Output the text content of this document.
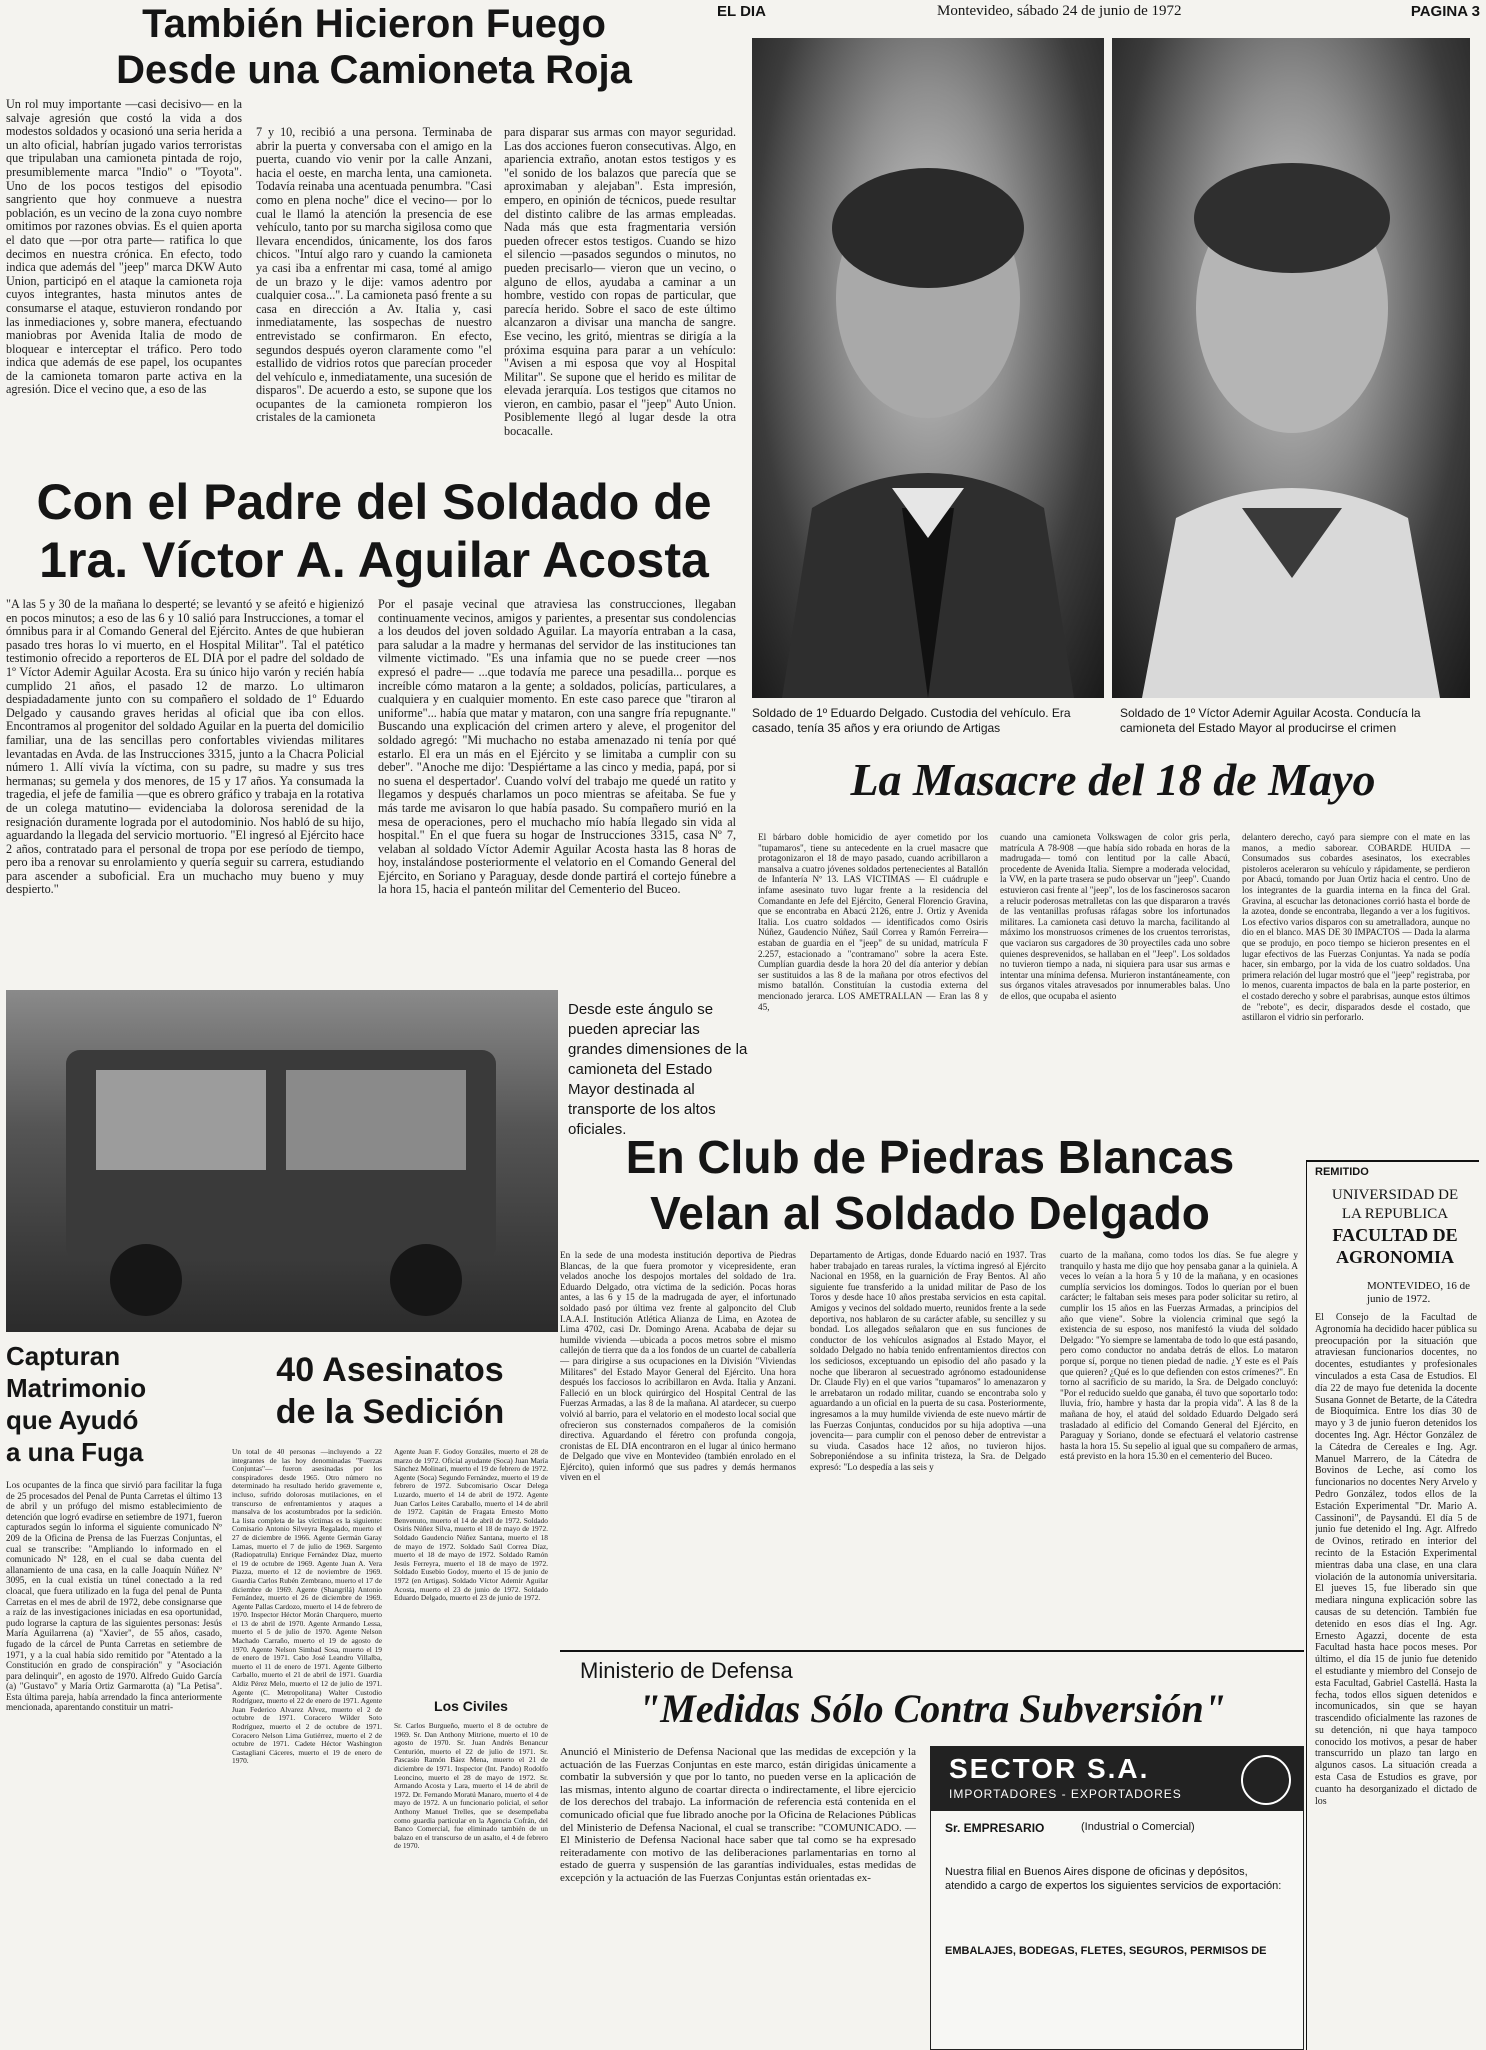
EL DIA	Montevideo, sábado 24 de junio de 1972	PAGINA 3
También Hicieron Fuego
Desde una Camioneta Roja
Un rol muy importante —casi decisivo— en la salvaje agresión que costó la vida a dos modestos soldados y ocasionó una seria herida a un alto oficial, habrían jugado varios terroristas que tripulaban una camioneta pintada de rojo, presumiblemente marca "Indio" o "Toyota". Uno de los pocos testigos del episodio sangriento que hoy conmueve a nuestra población, es un vecino de la zona cuyo nombre omitimos por razones obvias. Es el quien aporta el dato que —por otra parte— ratifica lo que decimos en nuestra crónica. En efecto, todo indica que además del "jeep" marca DKW Auto Union, participó en el ataque la camioneta roja cuyos integrantes, hasta minutos antes de consumarse el ataque, estuvieron rondando por las inmediaciones y, sobre manera, efectuando maniobras por Avenida Italia de modo de bloquear e interceptar el tráfico. Pero todo indica que además de ese papel, los ocupantes de la camioneta tomaron parte activa en la agresión. Dice el vecino que, a eso de las
7 y 10, recibió a una persona. Terminaba de abrir la puerta y conversaba con el amigo en la puerta, cuando vio venir por la calle Anzani, hacia el oeste, en marcha lenta, una camioneta. Todavía reinaba una acentuada penumbra. "Casi como en plena noche" dice el vecino— por lo cual le llamó la atención la presencia de ese vehículo, tanto por su marcha sigilosa como que llevara encendidos, únicamente, los dos faros chicos. "Intuí algo raro y cuando la camioneta ya casi iba a enfrentar mi casa, tomé al amigo de un brazo y le dije: vamos adentro por cualquier cosa...". La camioneta pasó frente a su casa en dirección a Av. Italia y, casi inmediatamente, las sospechas de nuestro entrevistado se confirmaron. En efecto, segundos después oyeron claramente como "el estallido de vidrios rotos que parecían proceder del vehículo e, inmediatamente, una sucesión de disparos". De acuerdo a esto, se supone que los ocupantes de la camioneta rompieron los cristales de la camioneta
para disparar sus armas con mayor seguridad. Las dos acciones fueron consecutivas. Algo, en apariencia extraño, anotan estos testigos y es "el sonido de los balazos que parecía que se aproximaban y alejaban". Esta impresión, empero, en opinión de técnicos, puede resultar del distinto calibre de las armas empleadas. Nada más que esta fragmentaria versión pueden ofrecer estos testigos. Cuando se hizo el silencio —pasados segundos o minutos, no pueden precisarlo— vieron que un vecino, o alguno de ellos, ayudaba a caminar a un hombre, vestido con ropas de particular, que parecía herido. Sobre el saco de este último alcanzaron a divisar una mancha de sangre. Ese vecino, les gritó, mientras se dirigía a la próxima esquina para parar a un vehículo: "Avisen a mi esposa que voy al Hospital Militar". Se supone que el herido es militar de elevada jerarquía. Los testigos que citamos no vieron, en cambio, pasar el "jeep" Auto Union. Posiblemente llegó al lugar desde la otra bocacalle.
Con el Padre del Soldado de
1ra. Víctor A. Aguilar Acosta
"A las 5 y 30 de la mañana lo desperté; se levantó y se afeitó e higienizó en pocos minutos; a eso de las 6 y 10 salió para Instrucciones, a tomar el ómnibus para ir al Comando General del Ejército. Antes de que hubieran pasado tres horas lo vi muerto, en el Hospital Militar". Tal el patético testimonio ofrecido a reporteros de EL DIA por el padre del soldado de 1º Víctor Ademir Aguilar Acosta. Era su único hijo varón y recién había cumplido 21 años, el pasado 12 de marzo. Lo ultimaron despiadadamente junto con su compañero el soldado de 1º Eduardo Delgado y causando graves heridas al oficial que iba con ellos. Encontramos al progenitor del soldado Aguilar en la puerta del domicilio familiar, una de las sencillas pero confortables viviendas militares levantadas en Avda. de las Instrucciones 3315, junto a la Chacra Policial número 1. Allí vivía la víctima, con su padre, su madre y sus tres hermanas; su gemela y dos menores, de 15 y 17 años. Ya consumada la tragedia, el jefe de familia —que es obrero gráfico y trabaja en la rotativa de un colega matutino— evidenciaba la dolorosa serenidad de la resignación duramente lograda por el autodominio. Nos habló de su hijo, aguardando la llegada del servicio mortuorio. "El ingresó al Ejército hace 2 años, contratado para el personal de tropa por ese período de tiempo, pero iba a renovar su enrolamiento y quería seguir su carrera, estudiando para ascender a suboficial. Era un muchacho muy bueno y muy despierto."
Por el pasaje vecinal que atraviesa las construcciones, llegaban continuamente vecinos, amigos y parientes, a presentar sus condolencias a los deudos del joven soldado Aguilar. La mayoría entraban a la casa, para saludar a la madre y hermanas del servidor de las instituciones tan vilmente victimado. "Es una infamia que no se puede creer —nos expresó el padre— ...que todavía me parece una pesadilla... porque es increíble cómo mataron a la gente; a soldados, policías, particulares, a cualquiera y en cualquier momento. En este caso parece que "tiraron al uniforme"... había que matar y mataron, con una sangre fría repugnante." Buscando una explicación del crimen artero y aleve, el progenitor del soldado agregó: "Mi muchacho no estaba amenazado ni tenía por qué estarlo. El era un más en el Ejército y se limitaba a cumplir con su deber". "Anoche me dijo: 'Despiértame a las cinco y media, papá, por si no suena el despertador'. Cuando volví del trabajo me quedé un ratito y llegamos y después charlamos un poco mientras se afeitaba. Se fue y más tarde me avisaron lo que había pasado. Su compañero murió en la mesa de operaciones, pero el muchacho mío había llegado sin vida al hospital." En el que fuera su hogar de Instrucciones 3315, casa Nº 7, velaban al soldado Víctor Ademir Aguilar Acosta hasta las 8 horas de hoy, instalándose posteriormente el velatorio en el Comando General del Ejército, en Soriano y Paraguay, desde donde partirá el cortejo fúnebre a la hora 15, hacia el panteón militar del Cementerio del Buceo.
Soldado de 1º Eduardo Delgado. Custodia del vehículo. Era casado, tenía 35 años y era oriundo de Artigas
Soldado de 1º Víctor Ademir Aguilar Acosta. Conducía la camioneta del Estado Mayor al producirse el crimen
La Masacre del 18 de Mayo
El bárbaro doble homicidio de ayer cometido por los "tupamaros", tiene su antecedente en la cruel masacre que protagonizaron el 18 de mayo pasado, cuando acribillaron a mansalva a cuatro jóvenes soldados pertenecientes al Batallón de Infantería Nº 13. LAS VICTIMAS — El cuádruple e infame asesinato tuvo lugar frente a la residencia del Comandante en Jefe del Ejército, General Florencio Gravina, que se encontraba en Abacú 2126, entre J. Ortiz y Avenida Italia. Los cuatro soldados — identificados como Osiris Núñez, Gaudencio Núñez, Saúl Correa y Ramón Ferreira— estaban de guardia en el "jeep" de su unidad, matrícula F 2.257, estacionado a "contramano" sobre la acera Este. Cumplían guardia desde la hora 20 del día anterior y debían ser sustituidos a las 8 de la mañana por otros efectivos del mismo batallón. Constituían la custodia externa del mencionado jerarca. LOS AMETRALLAN — Eran las 8 y 45,
cuando una camioneta Volkswagen de color gris perla, matrícula A 78-908 —que había sido robada en horas de la madrugada— tomó con lentitud por la calle Abacú, procedente de Avenida Italia. Siempre a moderada velocidad, la VW, en la parte trasera se pudo observar un "jeep". Cuando estuvieron casi frente al "jeep", los de los fascinerosos sacaron a relucir poderosas metralletas con las que dispararon a través de las ventanillas profusas ráfagas sobre los infortunados militares. La camioneta casi detuvo la marcha, facilitando al máximo los monstruosos crímenes de los cruentos terroristas, que vaciaron sus cargadores de 30 proyectiles cada uno sobre quienes desprevenidos, se hallaban en el "Jeep". Los soldados no tuvieron tiempo a nada, ni siquiera para usar sus armas e intentar una mínima defensa. Murieron instantáneamente, con sus órganos vitales atravesados por innumerables balas. Uno de ellos, que ocupaba el asiento
delantero derecho, cayó para siempre con el mate en las manos, a medio saborear. COBARDE HUIDA — Consumados sus cobardes asesinatos, los execrables pistoleros aceleraron su vehículo y rápidamente, se perdieron por Abacú, tomando por Juan Ortiz hacia el centro. Uno de los integrantes de la guardia interna en la finca del Gral. Gravina, al escuchar las detonaciones corrió hasta el borde de la azotea, donde se encontraba, llegando a ver a los fugitivos. Los efectivo varios disparos con su ametralladora, aunque no dio en el blanco. MAS DE 30 IMPACTOS — Dada la alarma que se produjo, en poco tiempo se hicieron presentes en el lugar efectivos de las Fuerzas Conjuntas. Ya nada se podía hacer, sin embargo, por la vida de los cuatro soldados. Una primera relación del lugar mostró que el "jeep" registraba, por lo menos, cuarenta impactos de bala en la parte posterior, en el costado derecho y sobre el parabrisas, aunque estos últimos de "rebote", es decir, disparados desde el costado, que astillaron el vidrio sin perforarlo.
Desde este ángulo se pueden apreciar las grandes dimensiones de la camioneta del Estado Mayor destinada al transporte de los altos oficiales.
En Club de Piedras Blancas
Velan al Soldado Delgado
En la sede de una modesta institución deportiva de Piedras Blancas, de la que fuera promotor y vicepresidente, eran velados anoche los despojos mortales del soldado de 1ra. Eduardo Delgado, otra víctima de la sedición. Pocas horas antes, a las 6 y 15 de la madrugada de ayer, el infortunado soldado pasó por última vez frente al galponcito del Club I.A.A.I. Institución Atlética Alianza de Lima, en Azotea de Lima 4702, casi Dr. Domingo Arena. Acababa de dejar su humilde vivienda —ubicada a pocos metros sobre el mismo callejón de tierra que da a los fondos de un cuartel de caballería— para dirigirse a sus ocupaciones en la División "Viviendas Militares" del Estado Mayor General del Ejército. Una hora después los facciosos lo acribillaron en Avda. Italia y Anzani. Falleció en un block quirúrgico del Hospital Central de las Fuerzas Armadas, a las 8 de la mañana. Al atardecer, su cuerpo volvió al barrio, para el velatorio en el modesto local social que ofrecieron sus consternados compañeros de la comisión directiva. Aguardando el féretro con profunda congoja, cronistas de EL DIA encontraron en el lugar al único hermano de Delgado que vive en Montevideo (también enrolado en el Ejército), quien informó que sus padres y demás hermanos viven en el
Departamento de Artigas, donde Eduardo nació en 1937. Tras haber trabajado en tareas rurales, la víctima ingresó al Ejército Nacional en 1958, en la guarnición de Fray Bentos. Al año siguiente fue transferido a la unidad militar de Paso de los Toros y desde hace 10 años prestaba servicios en esta capital. Amigos y vecinos del soldado muerto, reunidos frente a la sede deportiva, nos hablaron de su carácter afable, su sencillez y su bondad. Los allegados señalaron que en sus funciones de conductor de los vehículos asignados al Estado Mayor, el soldado Delgado no había tenido enfrentamientos directos con los sediciosos, exceptuando un episodio del año pasado y la noche que liberaron al secuestrado agrónomo estadounidense Dr. Claude Fly) en el que varios "tupamaros" lo amenazaron y le arrebataron un rodado militar, cuando se encontraba solo y aguardando a un oficial en la puerta de su casa. Posteriormente, ingresamos a la muy humilde vivienda de este nuevo mártir de las Fuerzas Conjuntas, conducidos por su hija adoptiva —una jovencita— para cumplir con el penoso deber de entrevistar a su viuda. Casados hace 12 años, no tuvieron hijos. Sobreponiéndose a su infinita tristeza, la Sra. de Delgado expresó: "Lo despedía a las seis y
cuarto de la mañana, como todos los días. Se fue alegre y tranquilo y hasta me dijo que hoy pensaba ganar a la quiniela. A veces lo veían a la hora 5 y 10 de la mañana, y en ocasiones cumplía servicios los domingos. Todos lo querían por el buen carácter; le faltaban seis meses para poder solicitar su retiro, al cumplir los 15 años en las Fuerzas Armadas, a principios del año que viene". Sobre la violencia criminal que segó la existencia de su esposo, nos manifestó la viuda del soldado Delgado: "Yo siempre se lamentaba de todo lo que está pasando, pero como conductor no andaba detrás de ellos. Lo mataron porque sí, porque no tienen piedad de nadie. ¿Y este es el País que quieren? ¿Qué es lo que defienden con estos crímenes?". En torno al sacrificio de su marido, la Sra. de Delgado concluyó: "Por el reducido sueldo que ganaba, él tuvo que soportarlo todo: lluvia, frío, hambre y hasta dar la propia vida". A las 8 de la mañana de hoy, el ataúd del soldado Eduardo Delgado será trasladado al edificio del Comando General del Ejército, en Paraguay y Soriano, donde se efectuará el velatorio castrense hasta la hora 15. Su sepelio al igual que su compañero de armas, está previsto en la hora 15.30 en el cementerio del Buceo.
Capturan
Matrimonio
que Ayudó
a una Fuga
Los ocupantes de la finca que sirvió para facilitar la fuga de 25 procesados del Penal de Punta Carretas el último 13 de abril y un prófugo del mismo establecimiento de detención que logró evadirse en setiembre de 1971, fueron capturados según lo informa el siguiente comunicado Nº 209 de la Oficina de Prensa de las Fuerzas Conjuntas, el cual se transcribe: "Ampliando lo informado en el comunicado Nº 128, en el cual se daba cuenta del allanamiento de una casa, en la calle Joaquín Núñez Nº 3095, en la cual existía un túnel conectado a la red cloacal, que fuera utilizado en la fuga del penal de Punta Carretas en el mes de abril de 1972, debe consignarse que a raíz de las investigaciones iniciadas en esa oportunidad, pudo lograrse la captura de las siguientes personas: Jesús María Aguilarrena (a) "Xavier", de 55 años, casado, fugado de la cárcel de Punta Carretas en setiembre de 1971, y a la cual había sido remitido por "Atentado a la Constitución en grado de conspiración" y "Asociación para delinquir", en agosto de 1970. Alfredo Guido García (a) "Gustavo" y María Ortiz Garmarotta (a) "La Petisa". Esta última pareja, había arrendado la finca anteriormente mencionada, aparentando constituir un matri-
40 Asesinatos
de la Sedición
Un total de 40 personas —incluyendo a 22 integrantes de las hoy denominadas "Fuerzas Conjuntas"— fueron asesinadas por los conspiradores desde 1965. Otro número no determinado ha resultado herido gravemente e, incluso, sufrido dolorosas mutilaciones, en el transcurso de enfrentamientos y ataques a mansalva de los acostumbrados por la sedición. La lista completa de las víctimas es la siguiente: Comisario Antonio Silveyra Regalado, muerto el 27 de diciembre de 1966. Agente Germán Garay Lamas, muerto el 7 de julio de 1969. Sargento (Radiopatrulla) Enrique Fernández Díaz, muerto el 19 de octubre de 1969. Agente Juan A. Vera Piazza, muerto el 12 de noviembre de 1969. Guardia Carlos Rubén Zembrano, muerto el 17 de diciembre de 1969. Agente (Shangrilá) Antonio Fernández, muerto el 26 de diciembre de 1969. Agente Pallas Cardozo, muerto el 14 de febrero de 1970. Inspector Héctor Morán Charquero, muerto el 13 de abril de 1970. Agente Armando Lessa, muerto el 5 de julio de 1970. Agente Nelson Machado Carraño, muerto el 19 de agosto de 1970. Agente Nelson Simbad Sosa, muerto el 19 de enero de 1971. Cabo José Leandro Villalba, muerto el 11 de enero de 1971. Agente Gilberto Carballo, muerto el 21 de abril de 1971. Guardia Aldiz Pérez Melo, muerto el 12 de julio de 1971. Agente (C. Metropolitana) Walter Custodio Rodríguez, muerto el 22 de enero de 1971. Agente Juan Federico Alvarez Alvez, muerto el 2 de octubre de 1971. Coracero Wilder Soto Rodríguez, muerto el 2 de octubre de 1971. Coracero Nelson Lima Gutiérrez, muerto el 2 de octubre de 1971. Cadete Héctor Washington Castagliani Cáceres, muerto el 19 de enero de 1970.
Agente Juan F. Godoy Gonzáles, muerto el 28 de marzo de 1972. Oficial ayudante (Soca) Juan María Sánchez Molinari, muerto el 19 de febrero de 1972. Agente (Soca) Segundo Fernández, muerto el 19 de febrero de 1972. Subcomisario Oscar Delega Luzardo, muerto el 14 de abril de 1972. Agente Juan Carlos Leites Caraballo, muerto el 14 de abril de 1972. Capitán de Fragata Ernesto Motto Benvenuto, muerto el 14 de abril de 1972. Soldado Osiris Núñez Silva, muerto el 18 de mayo de 1972. Soldado Gaudencio Núñez Santana, muerto el 18 de mayo de 1972. Soldado Saúl Correa Díaz, muerto el 18 de mayo de 1972. Soldado Ramón Jesús Ferreyra, muerto el 18 de mayo de 1972. Soldado Eusebio Godoy, muerto el 15 de junio de 1972 (en Artigas). Soldado Víctor Ademir Aguilar Acosta, muerto el 23 de junio de 1972. Soldado Eduardo Delgado, muerto el 23 de junio de 1972.
Los Civiles
Sr. Carlos Burgueño, muerto el 8 de octubre de 1969. Sr. Dan Anthony Mitrione, muerto el 10 de agosto de 1970. Sr. Juan Andrés Benancur Centurión, muerto el 22 de julio de 1971. Sr. Pascasio Ramón Báez Mena, muerto el 21 de diciembre de 1971. Inspector (Int. Pando) Rodolfo Leoncino, muerto el 28 de mayo de 1972. Sr. Armando Acosta y Lara, muerto el 14 de abril de 1972. Dr. Fernando Moratú Manaro, muerto el 4 de mayo de 1972. A un funcionario policial, el señor Anthony Manuel Trelles, que se desempeñaba como guardia particular en la Agencia Cofrán, del Banco Comercial, fue eliminado también de un balazo en el transcurso de un asalto, el 4 de febrero de 1970.
Ministerio de Defensa
"Medidas Sólo Contra Subversión"
Anunció el Ministerio de Defensa Nacional que las medidas de excepción y la actuación de las Fuerzas Conjuntas en este marco, están dirigidas únicamente a combatir la subversión y que por lo tanto, no pueden verse en la aplicación de las mismas, intento alguno de coartar directa o indirectamente, el libre ejercicio de los derechos del trabajo. La información de referencia está contenida en el comunicado oficial que fue librado anoche por la Oficina de Relaciones Públicas del Ministerio de Defensa Nacional, el cual se transcribe: "COMUNICADO. — El Ministerio de Defensa Nacional hace saber que tal como se ha expresado reiteradamente con motivo de las deliberaciones parlamentarias en torno al estado de guerra y suspensión de las garantías individuales, estas medidas de excepción y la actuación de las Fuerzas Conjuntas están orientadas ex-
SECTOR S.A.
IMPORTADORES - EXPORTADORES
Sr. EMPRESARIO	(Industrial o Comercial)
Nuestra filial en Buenos Aires dispone de oficinas y depósitos, atendido a cargo de expertos los siguientes servicios de exportación:
EMBALAJES, BODEGAS, FLETES, SEGUROS, PERMISOS DE
REMITIDO
UNIVERSIDAD DE
LA REPUBLICA
FACULTAD DE
AGRONOMIA
MONTEVIDEO, 16 de junio de 1972.
El Consejo de la Facultad de Agronomía ha decidido hacer pública su preocupación por la situación que atraviesan funcionarios docentes, no docentes, estudiantes y profesionales vinculados a esta Casa de Estudios. El día 22 de mayo fue detenida la docente Susana Gonnet de Betarte, de la Cátedra de Bioquímica. Entre los días 30 de mayo y 3 de junio fueron detenidos los docentes Ing. Agr. Héctor González de la Cátedra de Cereales e Ing. Agr. Manuel Marrero, de la Cátedra de Bovinos de Leche, así como los funcionarios no docentes Nery Arvelo y Pedro González, todos ellos de la Estación Experimental "Dr. Mario A. Cassinoni", de Paysandú. El día 5 de junio fue detenido el Ing. Agr. Alfredo de Ovinos, retirado en interior del recinto de la Estación Experimental mientras daba una clase, en una clara violación de la autonomía universitaria. El jueves 15, fue liberado sin que mediara ninguna explicación sobre las causas de su detención. También fue detenido en esos días el Ing. Agr. Ernesto Agazzi, docente de esta Facultad hasta hace pocos meses. Por último, el día 15 de junio fue detenido el estudiante y miembro del Consejo de esta Facultad, Gabriel Castellá. Hasta la fecha, todos ellos siguen detenidos e incomunicados, sin que se hayan trascendido oficialmente las razones de su detención, ni que haya tampoco conocido los motivos, a pesar de haber transcurrido un plazo tan largo en algunos casos. La situación creada a esta Casa de Estudios es grave, por cuanto ha desorganizado el dictado de los
